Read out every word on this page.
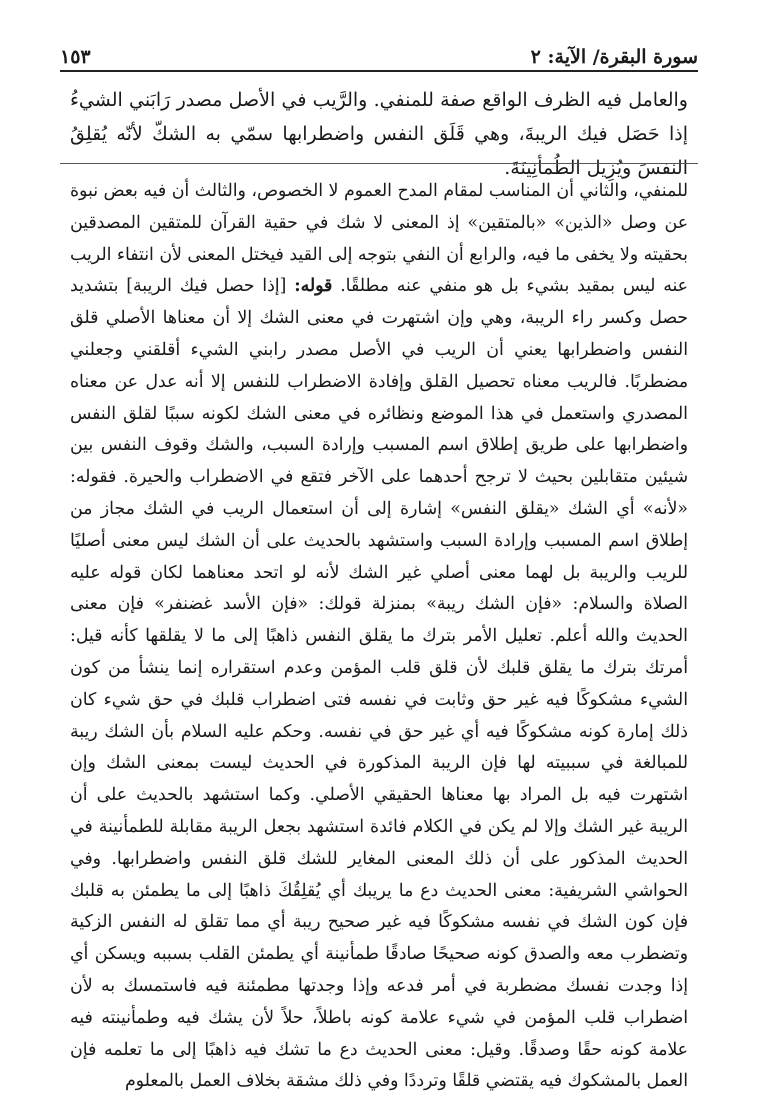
سورة البقرة/ الآية: ٢
١٥٣

والعامل فيه الظرف الواقع صفة للمنفي. والرَّيب في الأصل مصدر رَابَني الشيءُ إذا حَصَل فيك الريبةَ، وهي قَلَق النفس واضطرابها سمّي به الشكّ لأنّه يُقلِقُ النفسَ ويُزِيل الطُمأنِينَةَ.

للمنفي، والثاني أن المناسب لمقام المدح العموم لا الخصوص، والثالث أن فيه بعض نبوة عن وصل «الذين» «بالمتقين» إذ المعنى لا شك في حقية القرآن للمتقين المصدقين بحقيته ولا يخفى ما فيه، والرابع أن النفي بتوجه إلى القيد فيختل المعنى لأن انتفاء الريب عنه ليس بمقيد بشيء بل هو منفي عنه مطلقًا. قوله: [إذا حصل فيك الريبة] بتشديد حصل وكسر راء الريبة، وهي وإن اشتهرت في معنى الشك إلا أن معناها الأصلي قلق النفس واضطرابها يعني أن الريب في الأصل مصدر رابني الشيء أقلقني وجعلني مضطربًا. فالريب معناه تحصيل القلق وإفادة الاضطراب للنفس إلا أنه عدل عن معناه المصدري واستعمل في هذا الموضع ونظائره في معنى الشك لكونه سببًا لقلق النفس واضطرابها على طريق إطلاق اسم المسبب وإرادة السبب، والشك وقوف النفس بين شيئين متقابلين بحيث لا ترجح أحدهما على الآخر فتقع في الاضطراب والحيرة. فقوله: «لأنه» أي الشك «يقلق النفس» إشارة إلى أن استعمال الريب في الشك مجاز من إطلاق اسم المسبب وإرادة السبب واستشهد بالحديث على أن الشك ليس معنى أصليًا للريب والريبة بل لهما معنى أصلي غير الشك لأنه لو اتحد معناهما لكان قوله عليه الصلاة والسلام: «فإن الشك ريبة» بمنزلة قولك: «فإن الأسد غضنفر» فإن معنى الحديث والله أعلم. تعليل الأمر بترك ما يقلق النفس ذاهبًا إلى ما لا يقلقها كأنه قيل: أمرتك بترك ما يقلق قلبك لأن قلق قلب المؤمن وعدم استقراره إنما ينشأ من كون الشيء مشكوكًا فيه غير حق وثابت في نفسه فتى اضطراب قلبك في حق شيء كان ذلك إمارة كونه مشكوكًا فيه أي غير حق في نفسه. وحكم عليه السلام بأن الشك ريبة للمبالغة في سببيته لها فإن الريبة المذكورة في الحديث ليست بمعنى الشك وإن اشتهرت فيه بل المراد بها معناها الحقيقي الأصلي. وكما استشهد بالحديث على أن الريبة غير الشك وإلا لم يكن في الكلام فائدة استشهد بجعل الريبة مقابلة للطمأنينة في الحديث المذكور على أن ذلك المعنى المغاير للشك قلق النفس واضطرابها. وفي الحواشي الشريفية: معنى الحديث دع ما يريبك أي يُقلِقُكَ ذاهبًا إلى ما يطمئن به قلبك فإن كون الشك في نفسه مشكوكًا فيه غير صحيح ريبة أي مما تقلق له النفس الزكية وتضطرب معه والصدق كونه صحيحًا صادقًا طمأنينة أي يطمئن القلب بسببه ويسكن أي إذا وجدت نفسك مضطربة في أمر فدعه وإذا وجدتها مطمئنة فيه فاستمسك به لأن اضطراب قلب المؤمن في شيء علامة كونه باطلاً، حلاً لأن يشك فيه وطمأنينته فيه علامة كونه حقًا وصدقًا. وقيل: معنى الحديث دع ما تشك فيه ذاهبًا إلى ما تعلمه فإن العمل بالمشكوك فيه يقتضي قلقًا وترددًا وفي ذلك مشقة بخلاف العمل بالمعلوم
